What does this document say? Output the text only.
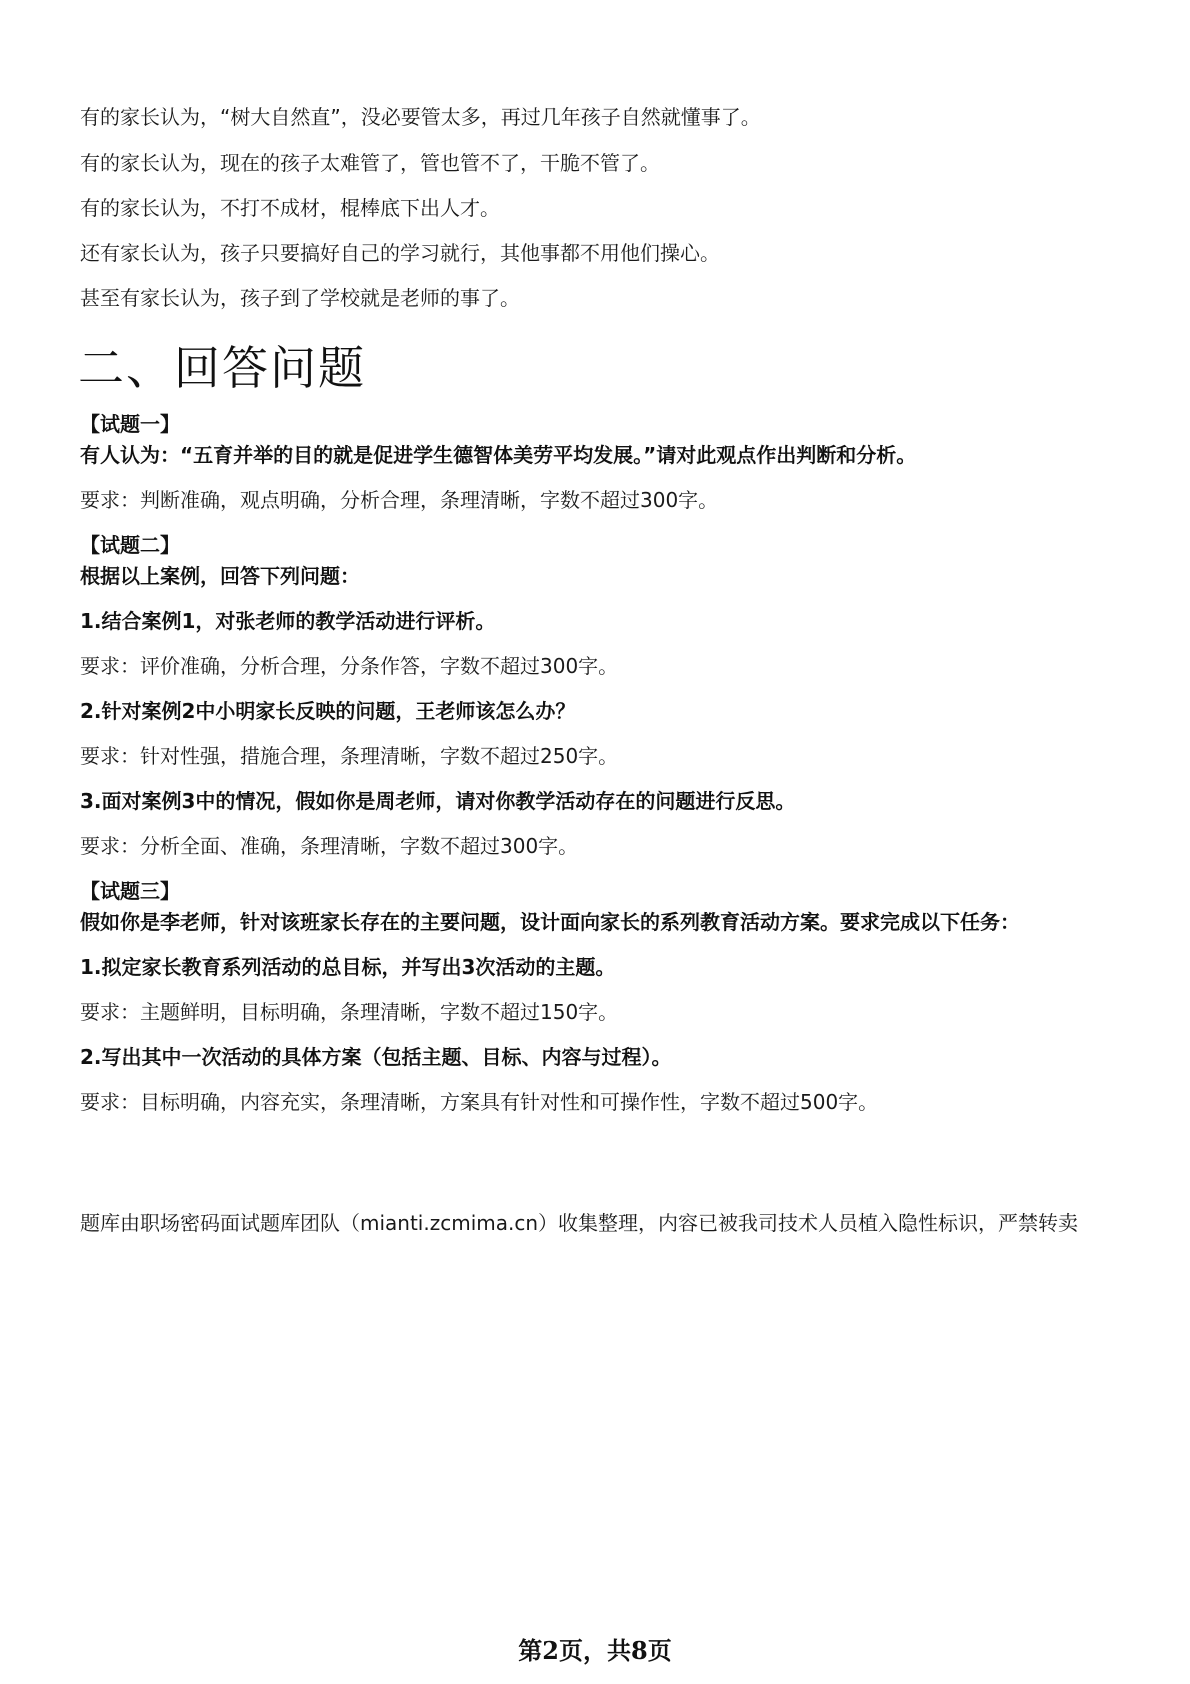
有的家长认为，“树大自然直”，没必要管太多，再过几年孩子自然就懂事了。
有的家长认为，现在的孩子太难管了，管也管不了，干脆不管了。
有的家长认为，不打不成材，棍棒底下出人才。
还有家长认为，孩子只要搞好自己的学习就行，其他事都不用他们操心。
甚至有家长认为，孩子到了学校就是老师的事了。
二、回答问题
【试题一】
有人认为：“五育并举的目的就是促进学生德智体美劳平均发展。”请对此观点作出判断和分析。
要求：判断准确，观点明确，分析合理，条理清晰，字数不超过300字。
【试题二】
根据以上案例，回答下列问题：
1.结合案例1，对张老师的教学活动进行评析。
要求：评价准确，分析合理，分条作答，字数不超过300字。
2.针对案例2中小明家长反映的问题，王老师该怎么办？
要求：针对性强，措施合理，条理清晰，字数不超过250字。
3.面对案例3中的情况，假如你是周老师，请对你教学活动存在的问题进行反思。
要求：分析全面、准确，条理清晰，字数不超过300字。
【试题三】
假如你是李老师，针对该班家长存在的主要问题，设计面向家长的系列教育活动方案。要求完成以下任务：
1.拟定家长教育系列活动的总目标，并写出3次活动的主题。
要求：主题鲜明，目标明确，条理清晰，字数不超过150字。
2.写出其中一次活动的具体方案（包括主题、目标、内容与过程）。
要求：目标明确，内容充实，条理清晰，方案具有针对性和可操作性，字数不超过500字。
题库由职场密码面试题库团队（mianti.zcmima.cn）收集整理，内容已被我司技术人员植入隐性标识，严禁转卖
第2页，共8页
